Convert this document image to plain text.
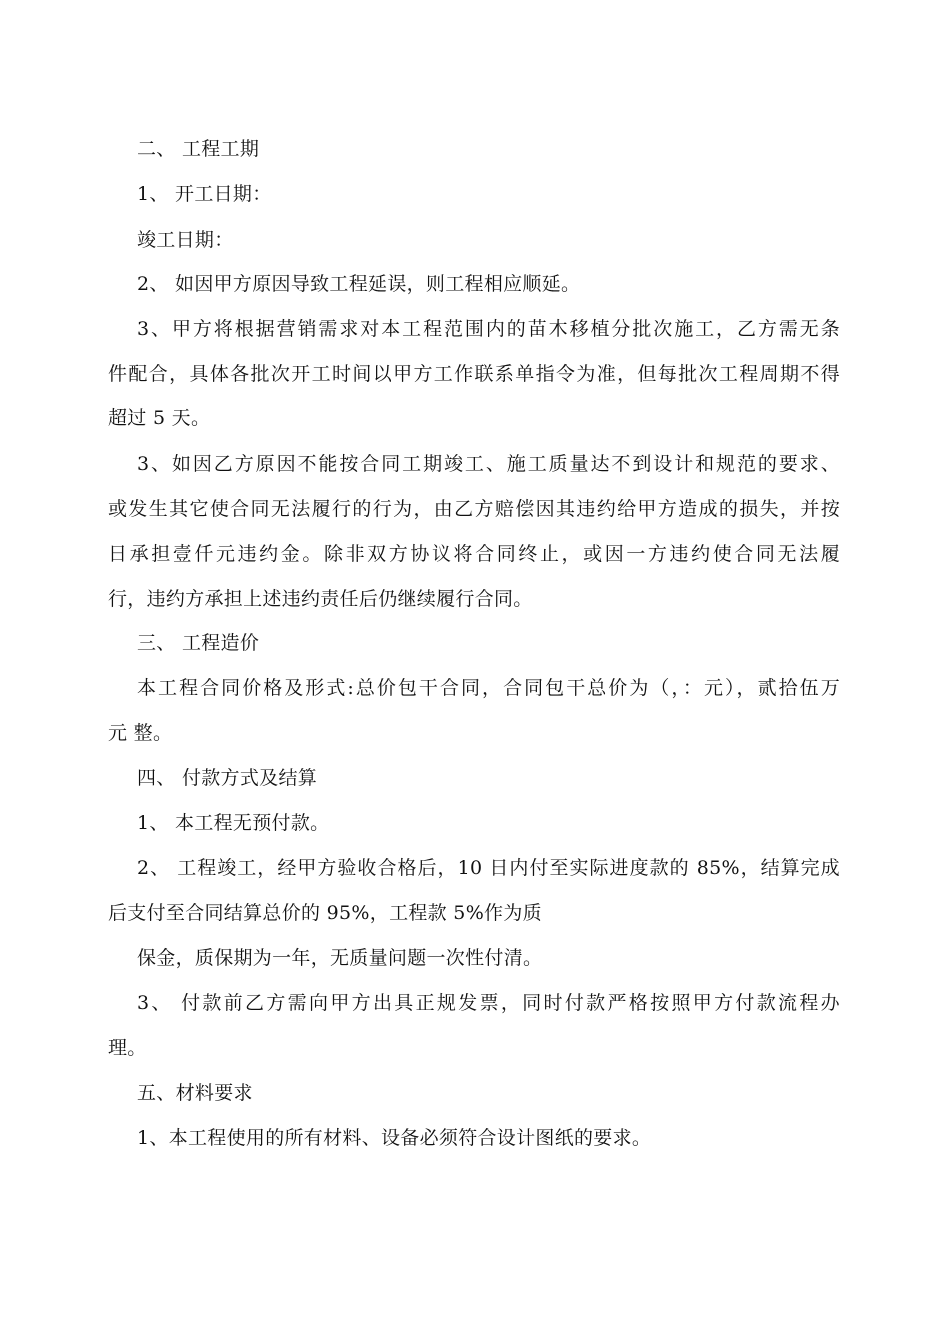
二、 工程工期
1、 开工日期：
竣工日期：
2、 如因甲方原因导致工程延误，则工程相应顺延。
3、甲方将根据营销需求对本工程范围内的苗木移植分批次施工，乙方需无条
件配合，具体各批次开工时间以甲方工作联系单指令为准，但每批次工程周期不得
超过 5 天。
3、如因乙方原因不能按合同工期竣工、施工质量达不到设计和规范的要求、
或发生其它使合同无法履行的行为，由乙方赔偿因其违约给甲方造成的损失，并按
日承担壹仟元违约金。除非双方协议将合同终止，或因一方违约使合同无法履
行，违约方承担上述违约责任后仍继续履行合同。
三、 工程造价
本工程合同价格及形式:总价包干合同，合同包干总价为（，：元），贰拾伍万
元 整。
四、 付款方式及结算
1、 本工程无预付款。
2、 工程竣工，经甲方验收合格后，10 日内付至实际进度款的 85%，结算完成
后支付至合同结算总价的 95%，工程款 5%作为质
保金，质保期为一年，无质量问题一次性付清。
3、 付款前乙方需向甲方出具正规发票，同时付款严格按照甲方付款流程办
理。
五、材料要求
1、本工程使用的所有材料、设备必须符合设计图纸的要求。
